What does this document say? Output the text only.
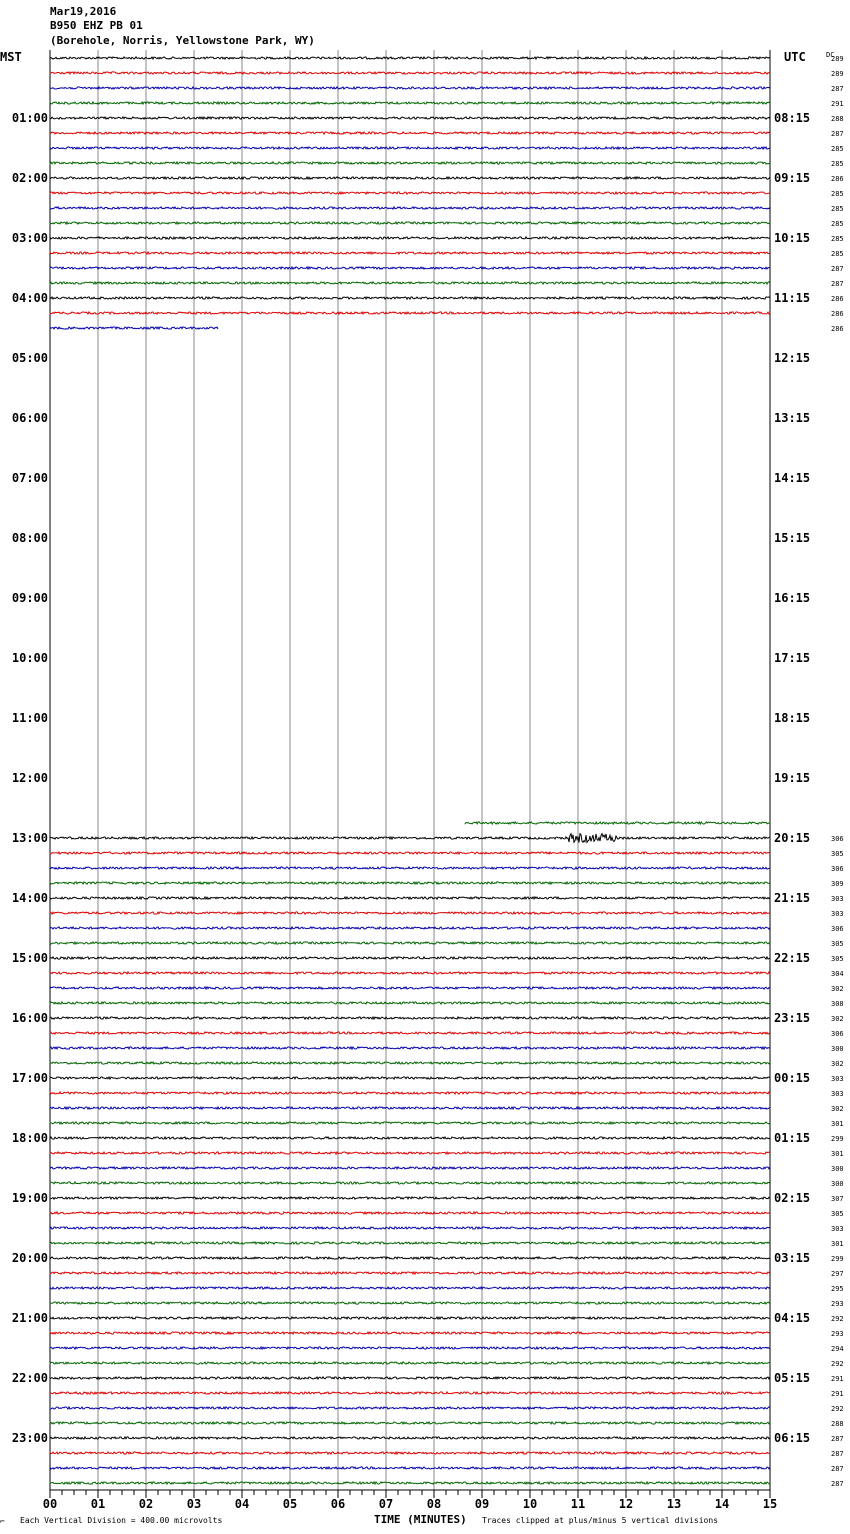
Mar19,2016
B950 EHZ PB 01
(Borehole, Norris, Yellowstone Park, WY)
MST	UTC	DC
289
289
287
291
288
287
285
285
286
285
285
285
285
285
287
287
286
286
286
306
305
306
309
303
303
306
305
305
304
302
308
302
306
300
302
303
303
302
301
299
301
300
300
307
305
303
301
299
297
295
293
292
293
294
292
291
291
292
288
287
287
287
287
01:00
02:00
03:00
04:00
05:00
06:00
07:00
08:00
09:00
10:00
11:00
12:00
13:00
14:00
15:00
16:00
17:00
18:00
19:00
20:00
21:00
22:00
23:00
08:15
09:15
10:15
11:15
12:15
13:15
14:15
15:15
16:15
17:15
18:15
19:15
20:15
21:15
22:15
23:15
00:15
01:15
02:15
03:15
04:15
05:15
06:15
00	01	02	03	04	05	06	07	08	09	10	11	12	13	14	15
⌐ Each Vertical Division = 400.00 microvolts	TIME (MINUTES) Traces clipped at plus/minus 5 vertical divisions
